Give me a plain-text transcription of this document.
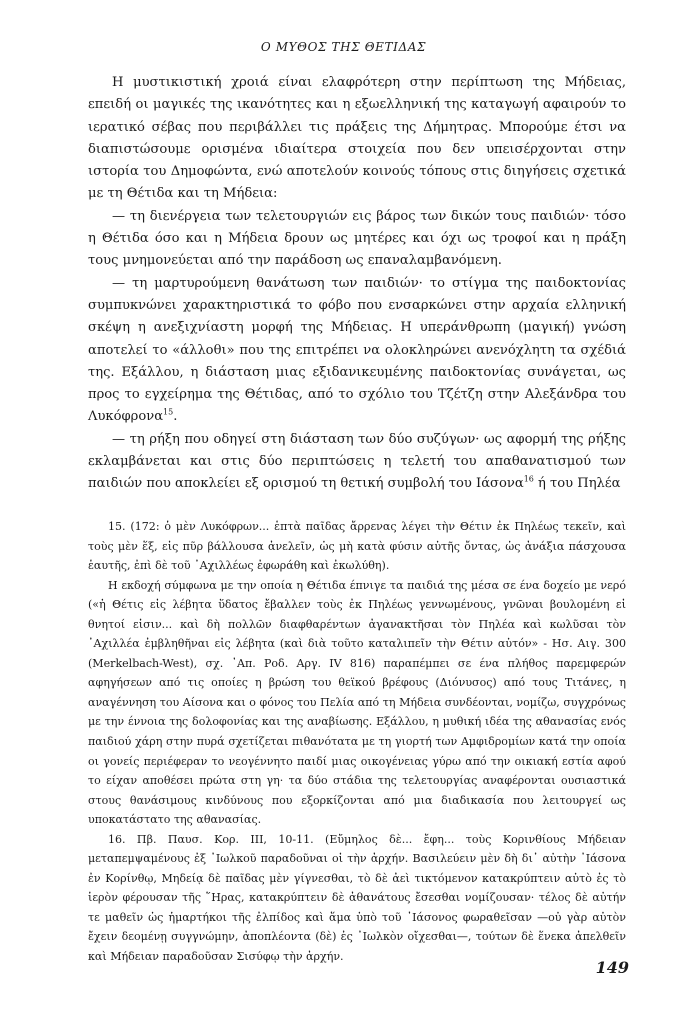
Ο ΜΥΘΟΣ ΤΗΣ ΘΕΤΙΔΑΣ

Η μυστικιστική χροιά είναι ελαφρότερη στην περίπτωση της Μήδειας, επειδή οι μαγικές της ικανότητες και η εξωελληνική της καταγωγή αφαιρούν το ιερατικό σέβας που περιβάλλει τις πράξεις της Δήμητρας. Μπορούμε έτσι να διαπιστώσουμε ορισμένα ιδιαίτερα στοιχεία που δεν υπεισέρχονται στην ιστορία του Δημοφώντα, ενώ αποτελούν κοινούς τόπους στις διηγήσεις σχετικά με τη Θέτιδα και τη Μήδεια:

— τη διενέργεια των τελετουργιών εις βάρος των δικών τους παιδιών· τόσο η Θέτιδα όσο και η Μήδεια δρουν ως μητέρες και όχι ως τροφοί και η πράξη τους μνημονεύεται από την παράδοση ως επαναλαμβανόμενη.

— τη μαρτυρούμενη θανάτωση των παιδιών· το στίγμα της παιδοκτονίας συμπυκνώνει χαρακτηριστικά το φόβο που ενσαρκώνει στην αρχαία ελληνική σκέψη η ανεξιχνίαστη μορφή της Μήδειας. Η υπεράνθρωπη (μαγική) γνώση αποτελεί το «άλλοθι» που της επιτρέπει να ολοκληρώνει ανενόχλητη τα σχέδιά της. Εξάλλου, η διάσταση μιας εξιδανικευμένης παιδοκτονίας συνάγεται, ως προς το εγχείρημα της Θέτιδας, από το σχόλιο του Τζέτζη στην Αλεξάνδρα του Λυκόφρονα$^{15}$.

— τη ρήξη που οδηγεί στη διάσταση των δύο συζύγων· ως αφορμή της ρήξης εκλαμβάνεται και στις δύο περιπτώσεις η τελετή του απαθανατισμού των παιδιών που αποκλείει εξ ορισμού τη θετική συμβολή του Ιάσονα$^{16}$ ή του Πηλέα

15. (172: ὁ μὲν Λυκόφρων... ἑπτὰ παῖδας ἄρρενας λέγει τὴν Θέτιν ἐκ Πηλέως τεκεῖν, καὶ τοὺς μὲν ἕξ, εἰς πῦρ βάλλουσα ἀνελεῖν, ὡς μὴ κατὰ φύσιν αὐτῆς ὄντας, ὡς ἀνάξια πάσχουσα ἑαυτῆς, ἐπὶ δὲ τοῦ ᾿Αχιλλέως ἐφωράθη καὶ ἐκωλύθη).

Η εκδοχή σύμφωνα με την οποία η Θέτιδα έπνιγε τα παιδιά της μέσα σε ένα δοχείο με νερό («ἡ Θέτις εἰς λέβητα ὕδατος ἔβαλλεν τοὺς ἐκ Πηλέως γεννωμένους, γνῶναι βουλομένη εἰ θνητοί εἰσιν... καὶ δὴ πολλῶν διαφθαρέντων ἀγανακτῆσαι τὸν Πηλέα καὶ κωλῦσαι τὸν ᾿Αχιλλέα ἐμβληθῆναι εἰς λέβητα (καὶ διὰ τοῦτο καταλιπεῖν τὴν Θέτιν αὐτόν» - Ησ. Αιγ. 300 (Merkelbach-West), σχ. ᾿Απ. Ροδ. Αργ. IV 816) παραπέμπει σε ένα πλήθος παρεμφερών αφηγήσεων από τις οποίες η βρώση του θεϊκού βρέφους (Διόνυσος) από τους Τιτάνες, η αναγέννηση του Αίσονα και ο φόνος του Πελία από τη Μήδεια συνδέονται, νομίζω, συγχρόνως με την έννοια της δολοφονίας και της αναβίωσης. Εξάλλου, η μυθική ιδέα της αθανασίας ενός παιδιού χάρη στην πυρά σχετίζεται πιθανότατα με τη γιορτή των Αμφιδρομίων κατά την οποία οι γονείς περιέφεραν το νεογέννητο παιδί μιας οικογένειας γύρω από την οικιακή εστία αφού το είχαν αποθέσει πρώτα στη γη· τα δύο στάδια της τελετουργίας αναφέρονται ουσιαστικά στους θανάσιμους κινδύνους που εξορκίζονται από μια διαδικασία που λειτουργεί ως υποκατάστατο της αθανασίας.

16. Πβ. Παυσ. Κορ. III, 10-11. (Εὔμηλος δὲ... ἔφη... τοὺς Κορινθίους Μήδειαν μεταπεμψαμένους ἐξ ᾿Ιωλκοῦ παραδοῦναι οἱ τὴν ἀρχήν. Βασιλεύειν μὲν δὴ δι᾿ αὐτὴν ᾿Ιάσονα ἐν Κορίνθῳ, Μηδείᾳ δὲ παῖδας μὲν γίγνεσθαι, τὸ δὲ ἀεὶ τικτόμενον κατακρύπτειν αὐτὸ ἐς τὸ ἱερὸν φέρουσαν τῆς ῞Ηρας, κατακρύπτειν δὲ ἀθανάτους ἔσεσθαι νομίζουσαν· τέλος δὲ αὐτήν τε μαθεῖν ὡς ἡμαρτήκοι τῆς ἐλπίδος καὶ ἅμα ὑπὸ τοῦ ᾿Ιάσονος φωραθεῖσαν —οὐ γὰρ αὐτὸν ἔχειν δεομένῃ συγγνώμην, ἀποπλέοντα (δὲ) ἐς ᾿Ιωλκὸν οἴχεσθαι—, τούτων δὲ ἕνεκα ἀπελθεῖν καὶ Μήδειαν παραδοῦσαν Σισύφῳ τὴν ἀρχήν.

149
